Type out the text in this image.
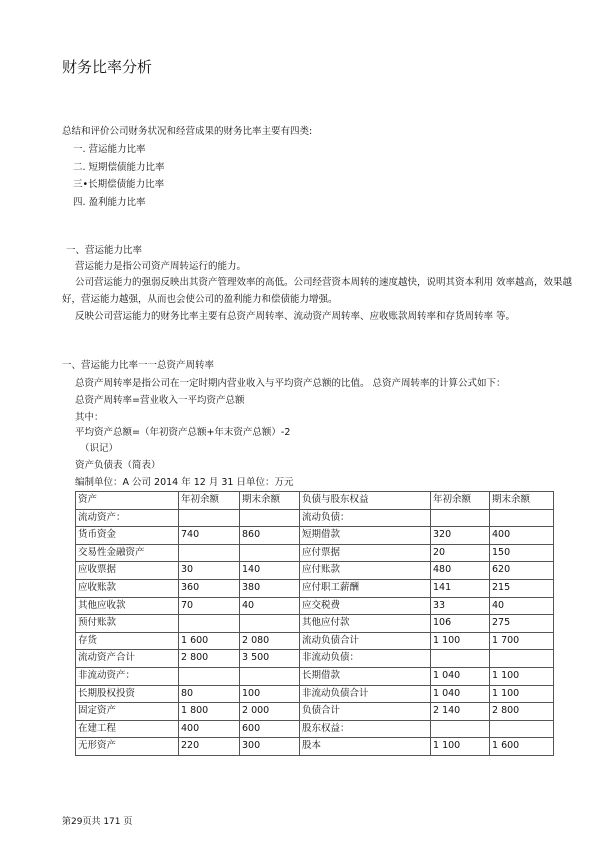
财务比率分析
总结和评价公司财务状况和经营成果的财务比率主要有四类:
一. 营运能力比率
二. 短期偿债能力比率
三•长期偿债能力比率
四. 盈利能力比率
一、营运能力比率
营运能力是指公司资产周转运行的能力。
公司营运能力的强弱反映出其资产管理效率的高低。公司经营资本周转的速度越快，说明其资本利用 效率越高，效果越好，营运能力越强，从而也会使公司的盈利能力和偿债能力增强。
反映公司营运能力的财务比率主要有总资产周转率、流动资产周转率、应收账款周转率和存货周转率 等。
一、营运能力比率一一总资产周转率
总资产周转率是指公司在一定时期内营业收入与平均资产总额的比值。 总资产周转率的计算公式如下：
总资产周转率=营业收入一平均资产总额
其中：
平均资产总额=（年初资产总额+年末资产总额）-2
（识记）
资产负债表（简表）
编制单位：A 公司 2014 年 12 月 31 日单位：万元
资产	年初余额	期末余额	负债与股东权益	年初余额	期末余额
流动资产：			流动负债：		
货币资金	740	860	短期借款	320	400
交易性金融资产			应付票据	20	150
应收票据	30	140	应付账款	480	620
应收账款	360	380	应付职工薪酬	141	215
其他应收款	70	40	应交税费	33	40
预付账款			其他应付款	106	275
存货	1 600	2 080	流动负债合计	1 100	1 700
流动资产合计	2 800	3 500	非流动负债：		
非流动资产：			长期借款	1 040	1 100
长期股权投资	80	100	非流动负债合计	1 040	1 100
固定资产	1 800	2 000	负债合计	2 140	2 800
在建工程	400	600	股东权益：		
无形资产	220	300	股本	1 100	1 600
第29页共 171 页
